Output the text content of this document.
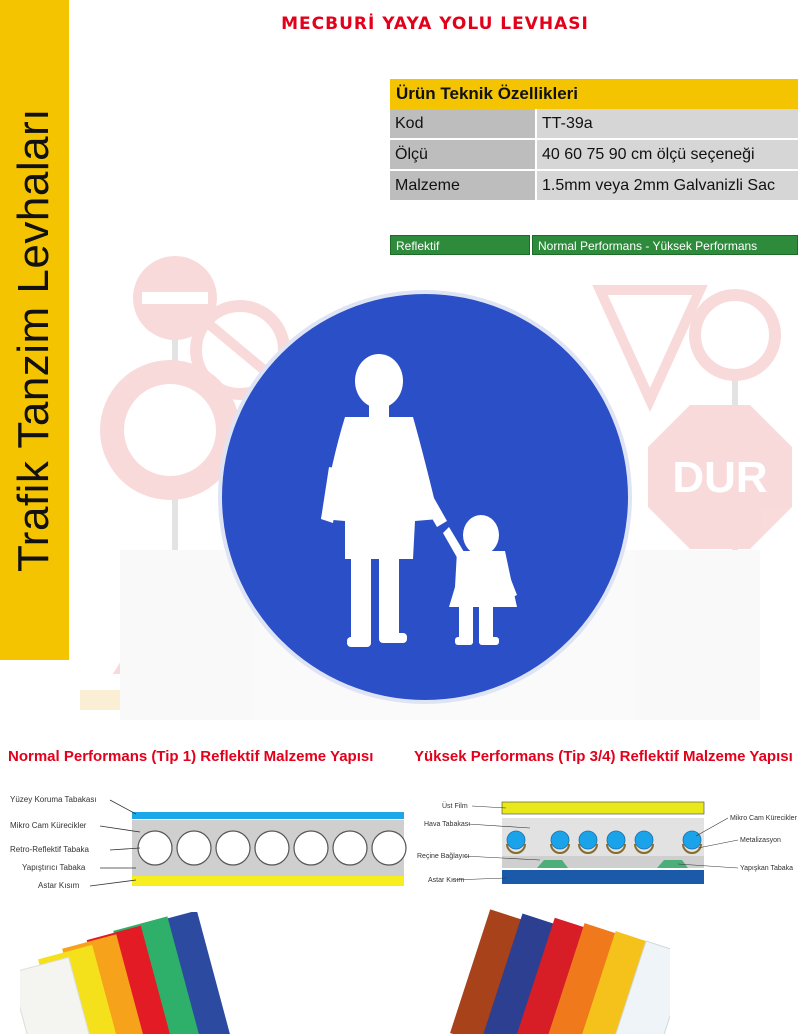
Trafik Tanzim Levhaları
MECBURİ YAYA YOLU LEVHASI
Ürün Teknik Özellikleri	
Kod	TT-39a
Ölçü	40 60 75 90 cm ölçü seçeneği
Malzeme	1.5mm veya 2mm Galvanizli Sac
Reflektif	Normal Performans - Yüksek Performans
DUR
Normal Performans (Tip 1) Reflektif Malzeme Yapısı	Yüksek Performans (Tip 3/4) Reflektif Malzeme Yapısı
Yüzey Koruma Tabakası
Mikro Cam Kürecikler
Retro-Reflektif Tabaka
Yapıştırıcı Tabaka
Astar Kısım
Üst Film
Hava Tabakası
Reçine Bağlayıcı
Astar Kısım
Mikro Cam Kürecikler
Metalizasyon
Yapışkan Tabaka
